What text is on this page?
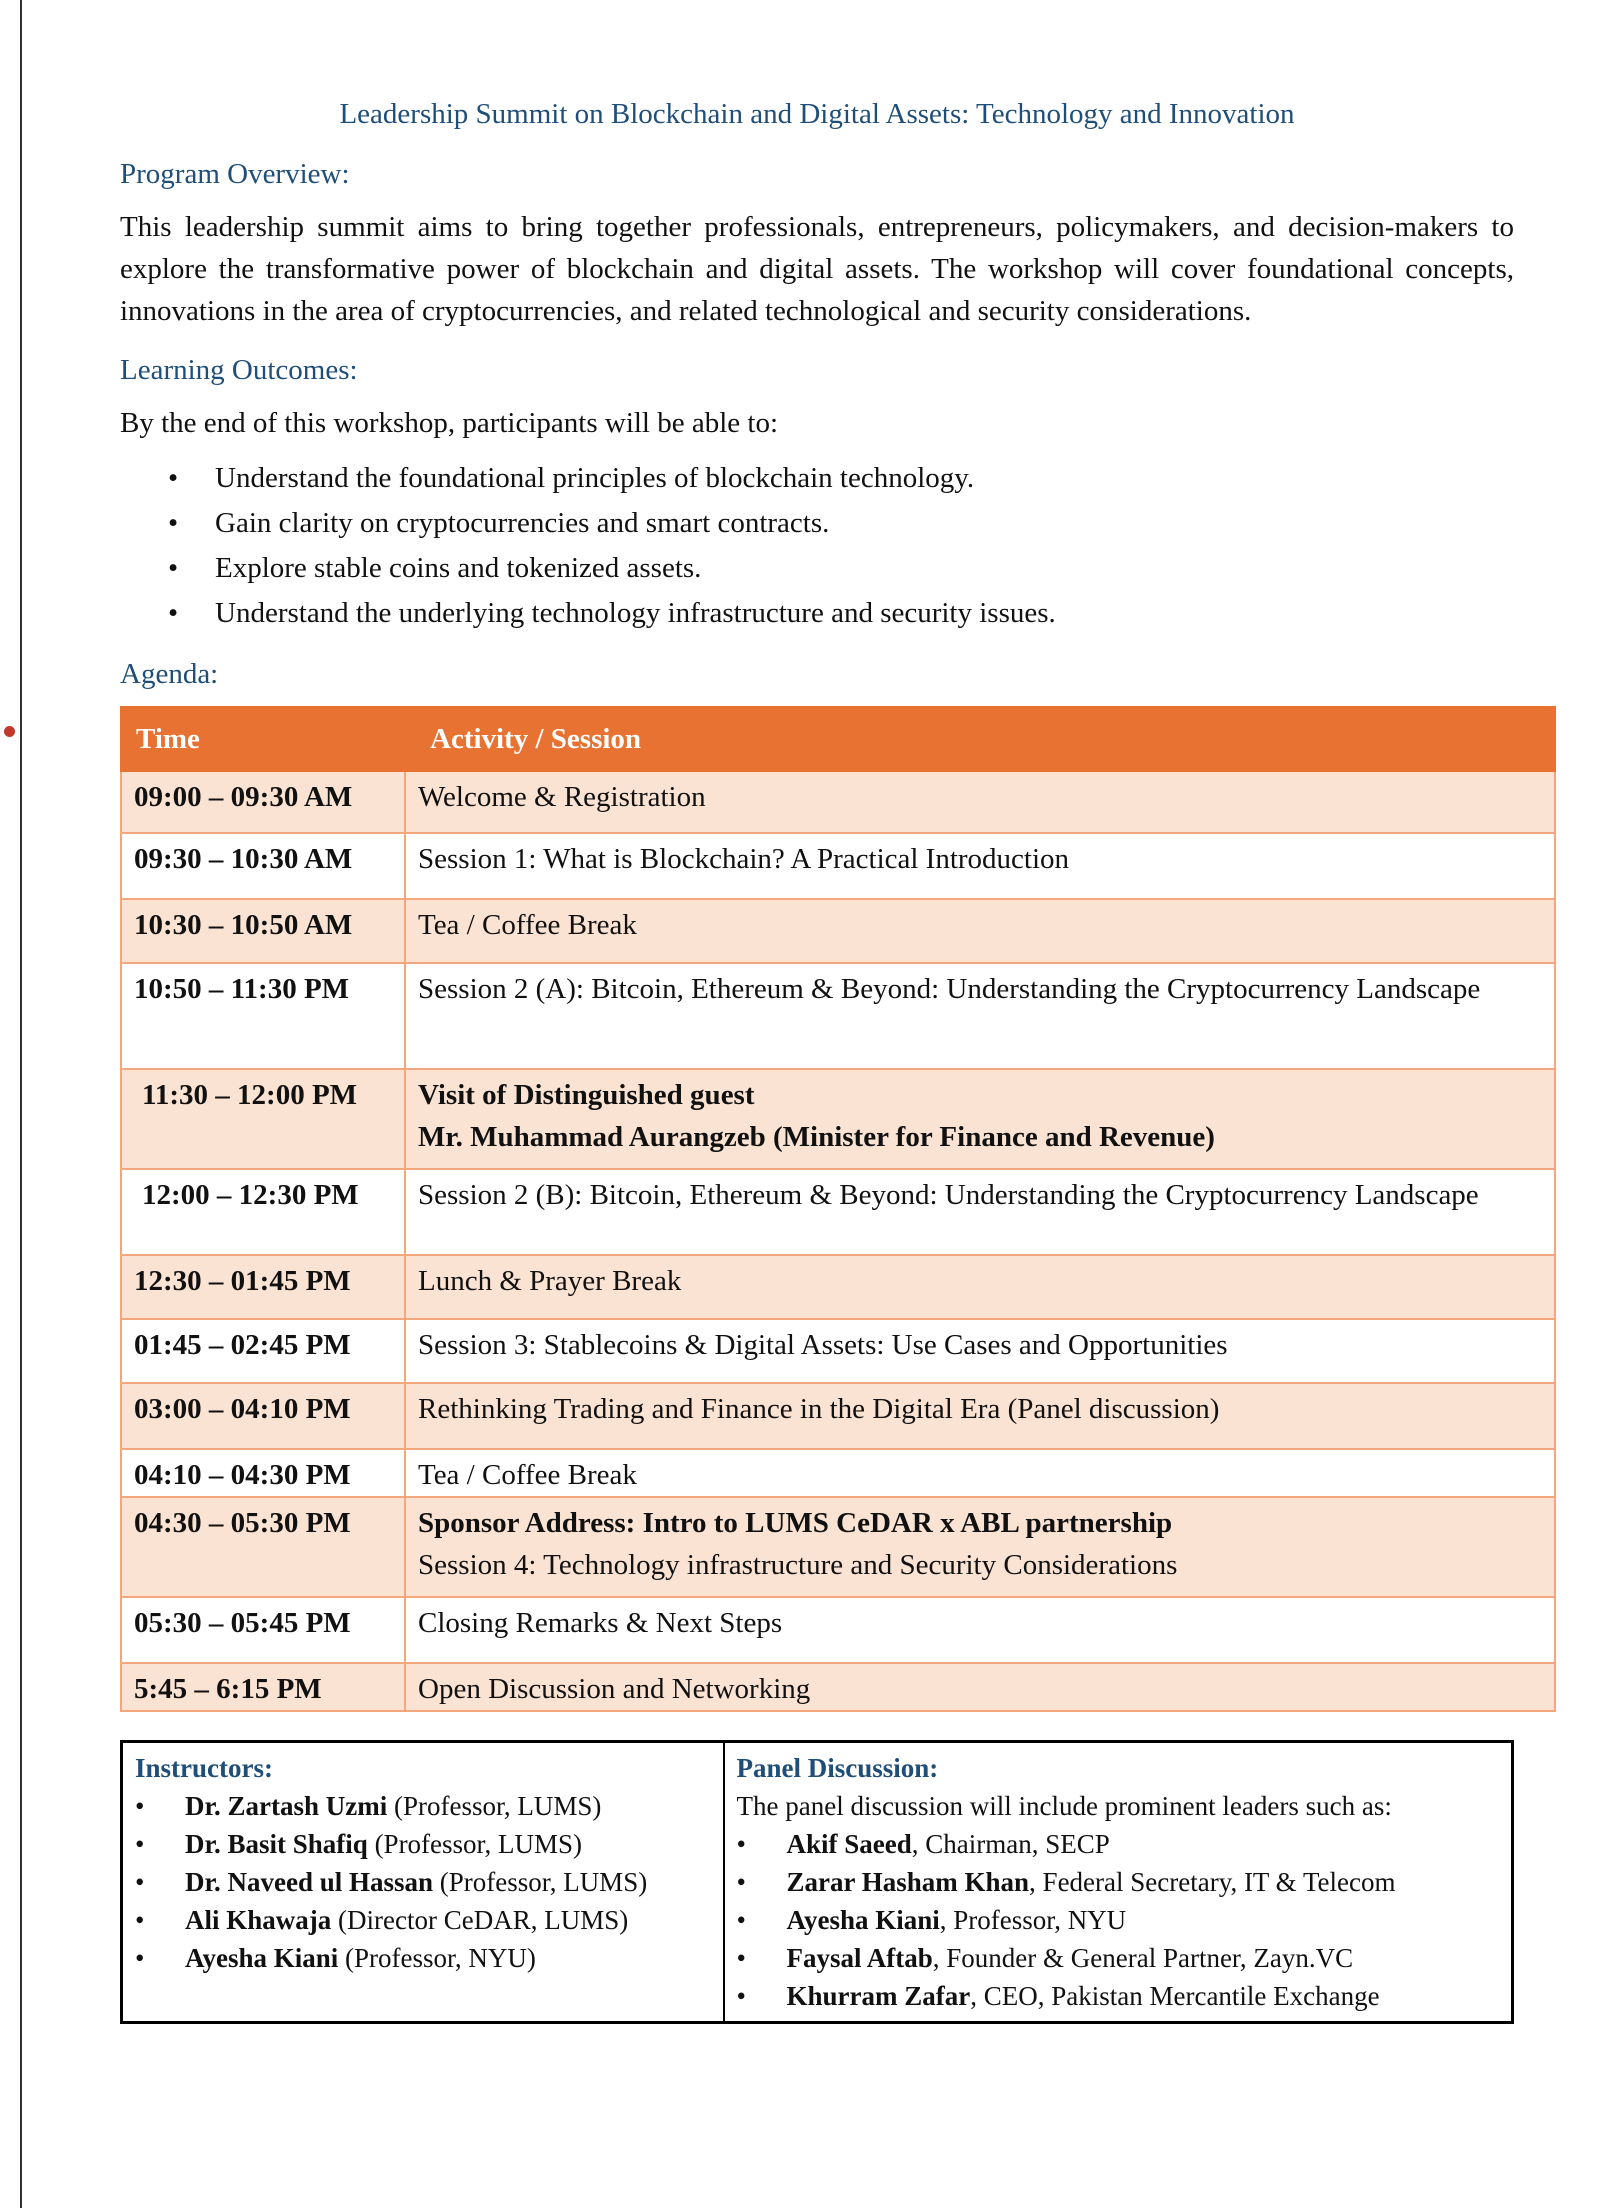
Leadership Summit on Blockchain and Digital Assets: Technology and Innovation
Program Overview:

This leadership summit aims to bring together professionals, entrepreneurs, policymakers, and decision-makers to explore the transformative power of blockchain and digital assets. The workshop will cover foundational concepts, innovations in the area of cryptocurrencies, and related technological and security considerations.

Learning Outcomes:

By the end of this workshop, participants will be able to:

• Understand the foundational principles of blockchain technology.
• Gain clarity on cryptocurrencies and smart contracts.
• Explore stable coins and tokenized assets.
• Understand the underlying technology infrastructure and security issues.
Agenda:
Time	Activity / Session
09:00 – 09:30 AM	Welcome & Registration
09:30 – 10:30 AM	Session 1: What is Blockchain? A Practical Introduction
10:30 – 10:50 AM	Tea / Coffee Break
10:50 – 11:30 PM	Session 2 (A): Bitcoin, Ethereum & Beyond: Understanding the Cryptocurrency Landscape
11:30 – 12:00 PM	Visit of Distinguished guest
Mr. Muhammad Aurangzeb (Minister for Finance and Revenue)

12:00 – 12:30 PM	Session 2 (B): Bitcoin, Ethereum & Beyond: Understanding the Cryptocurrency Landscape
12:30 – 01:45 PM	Lunch & Prayer Break
01:45 – 02:45 PM	Session 3: Stablecoins & Digital Assets: Use Cases and Opportunities
03:00 – 04:10 PM	Rethinking Trading and Finance in the Digital Era (Panel discussion)
04:10 – 04:30 PM	Tea / Coffee Break
04:30 – 05:30 PM	Sponsor Address: Intro to LUMS CeDAR x ABL partnership
Session 4: Technology infrastructure and Security Considerations

05:30 – 05:45 PM	Closing Remarks & Next Steps
5:45 – 6:15 PM	Open Discussion and Networking
Instructors:
• Dr. Zartash Uzmi (Professor, LUMS)
• Dr. Basit Shafiq (Professor, LUMS)
• Dr. Naveed ul Hassan (Professor, LUMS)
• Ali Khawaja (Director CeDAR, LUMS)
• Ayesha Kiani (Professor, NYU)

Panel Discussion:
The panel discussion will include prominent leaders such as:
• Akif Saeed, Chairman, SECP
• Zarar Hasham Khan, Federal Secretary, IT & Telecom
• Ayesha Kiani, Professor, NYU
• Faysal Aftab, Founder & General Partner, Zayn.VC
• Khurram Zafar, CEO, Pakistan Mercantile Exchange
